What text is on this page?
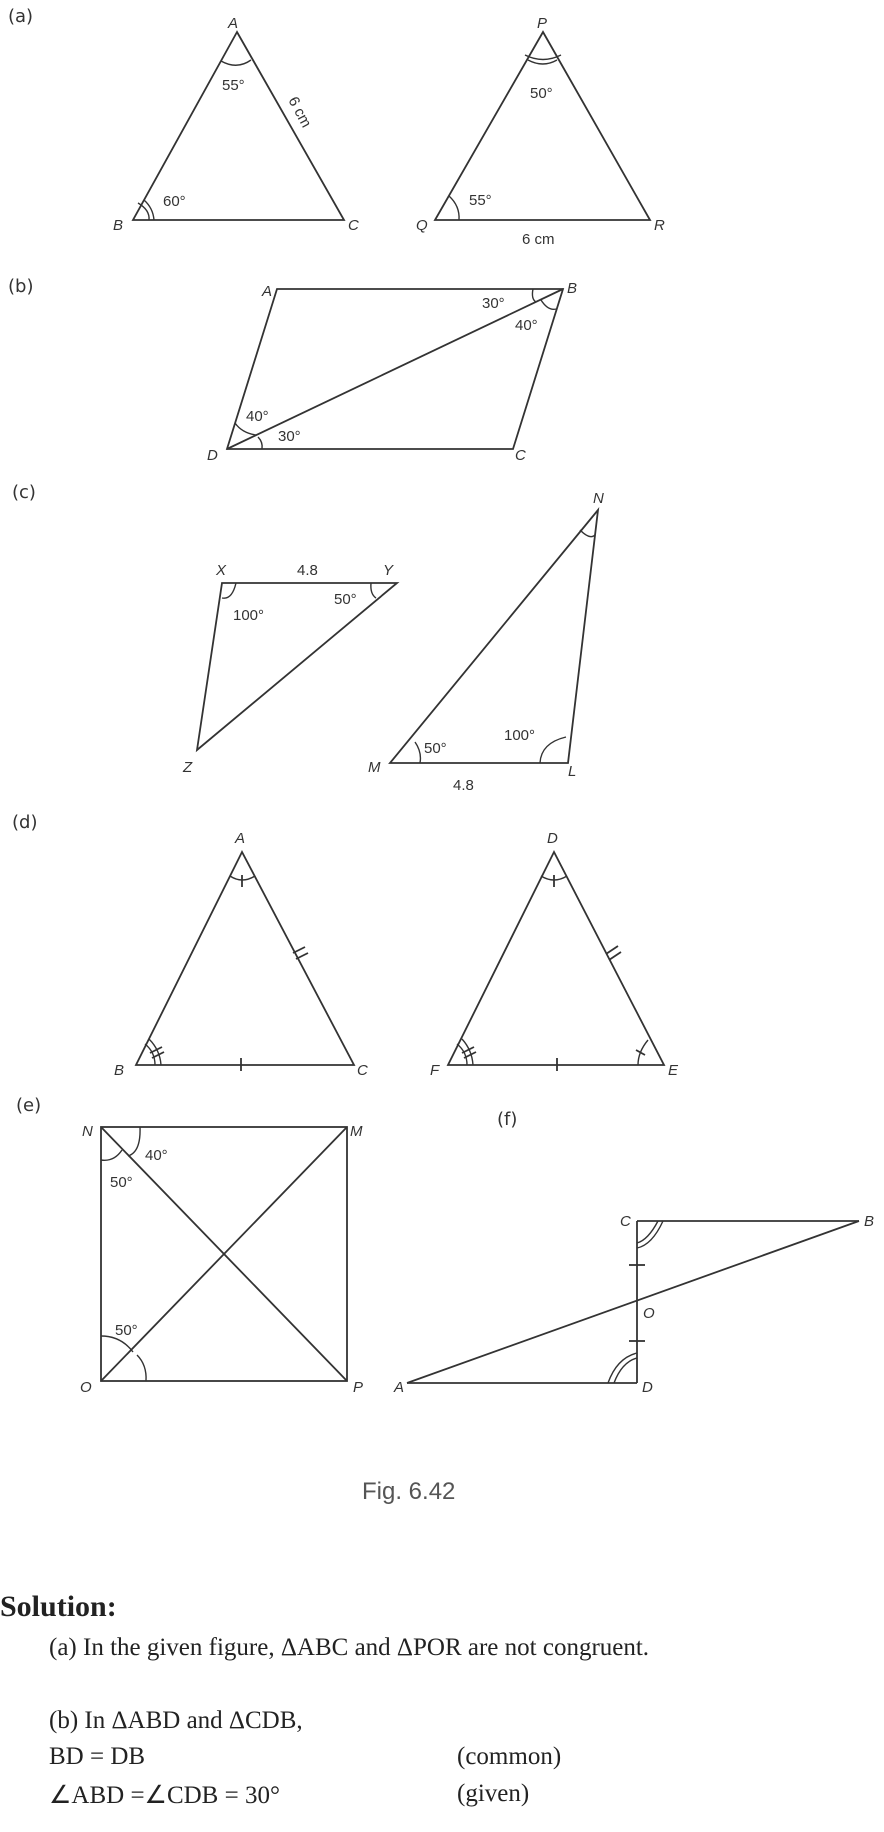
(a)
(b)
(c)
(d)
(e)
(f)
A
B	C
55°
60°
6 cm
P
Q	R
50°
55°
6 cm
A	B
C
D
30°
40°
40°
30°
X	Y
Z
4.8
100°
50°
N
M	L
4.8
50°
100°
A
B	C
D
F	E
N	M
O	P
40°
50°
50°
C	B
O
A	D
Fig. 6.42

Solution:

(a) In the given figure, ΔABC and ΔPOR are not congruent.

(b) In ΔABD and ΔCDB,

BD = DB	(common)

∠ABD =∠CDB = 30°	(given)
